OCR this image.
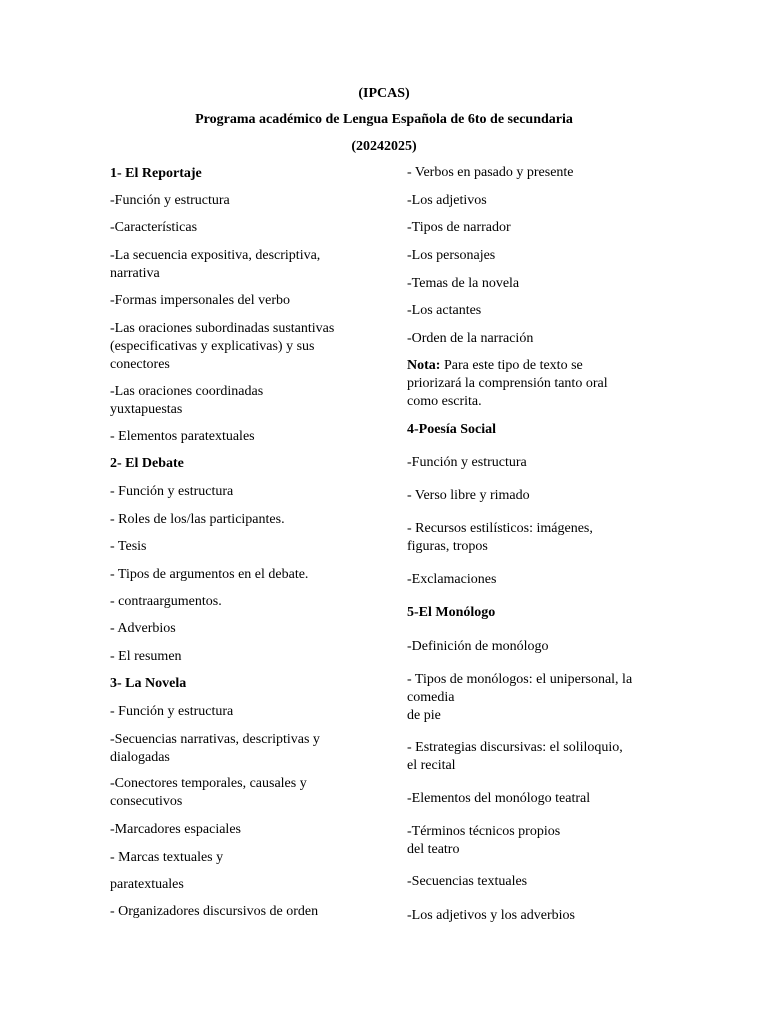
(IPCAS)
Programa académico de Lengua Española de 6to de secundaria
(20242025)
1- El Reportaje
-Función y estructura
-Características
-La secuencia expositiva, descriptiva,
narrativa
-Formas impersonales del verbo
-Las oraciones subordinadas sustantivas
(especificativas y explicativas) y sus
conectores
-Las oraciones coordinadas
yuxtapuestas
- Elementos paratextuales
2- El Debate
- Función y estructura
- Roles de los/las participantes.
- Tesis
- Tipos de argumentos en el debate.
- contraargumentos.
- Adverbios
- El resumen
3- La Novela
- Función y estructura
-Secuencias narrativas, descriptivas y
dialogadas
-Conectores temporales, causales y
consecutivos
-Marcadores espaciales
- Marcas textuales y
paratextuales
- Organizadores discursivos de orden
- Verbos en pasado y presente
-Los adjetivos
-Tipos de narrador
-Los personajes
-Temas de la novela
-Los actantes
-Orden de la narración
Nota: Para este tipo de texto se
priorizará la comprensión tanto oral
como escrita.
4-Poesía Social
-Función y estructura
- Verso libre y rimado
- Recursos estilísticos: imágenes,
figuras, tropos
-Exclamaciones
5-El Monólogo
-Definición de monólogo
- Tipos de monólogos: el unipersonal, la
comedia
de pie
- Estrategias discursivas: el soliloquio,
el recital
-Elementos del monólogo teatral
-Términos técnicos propios
del teatro
-Secuencias textuales
-Los adjetivos y los adverbios
